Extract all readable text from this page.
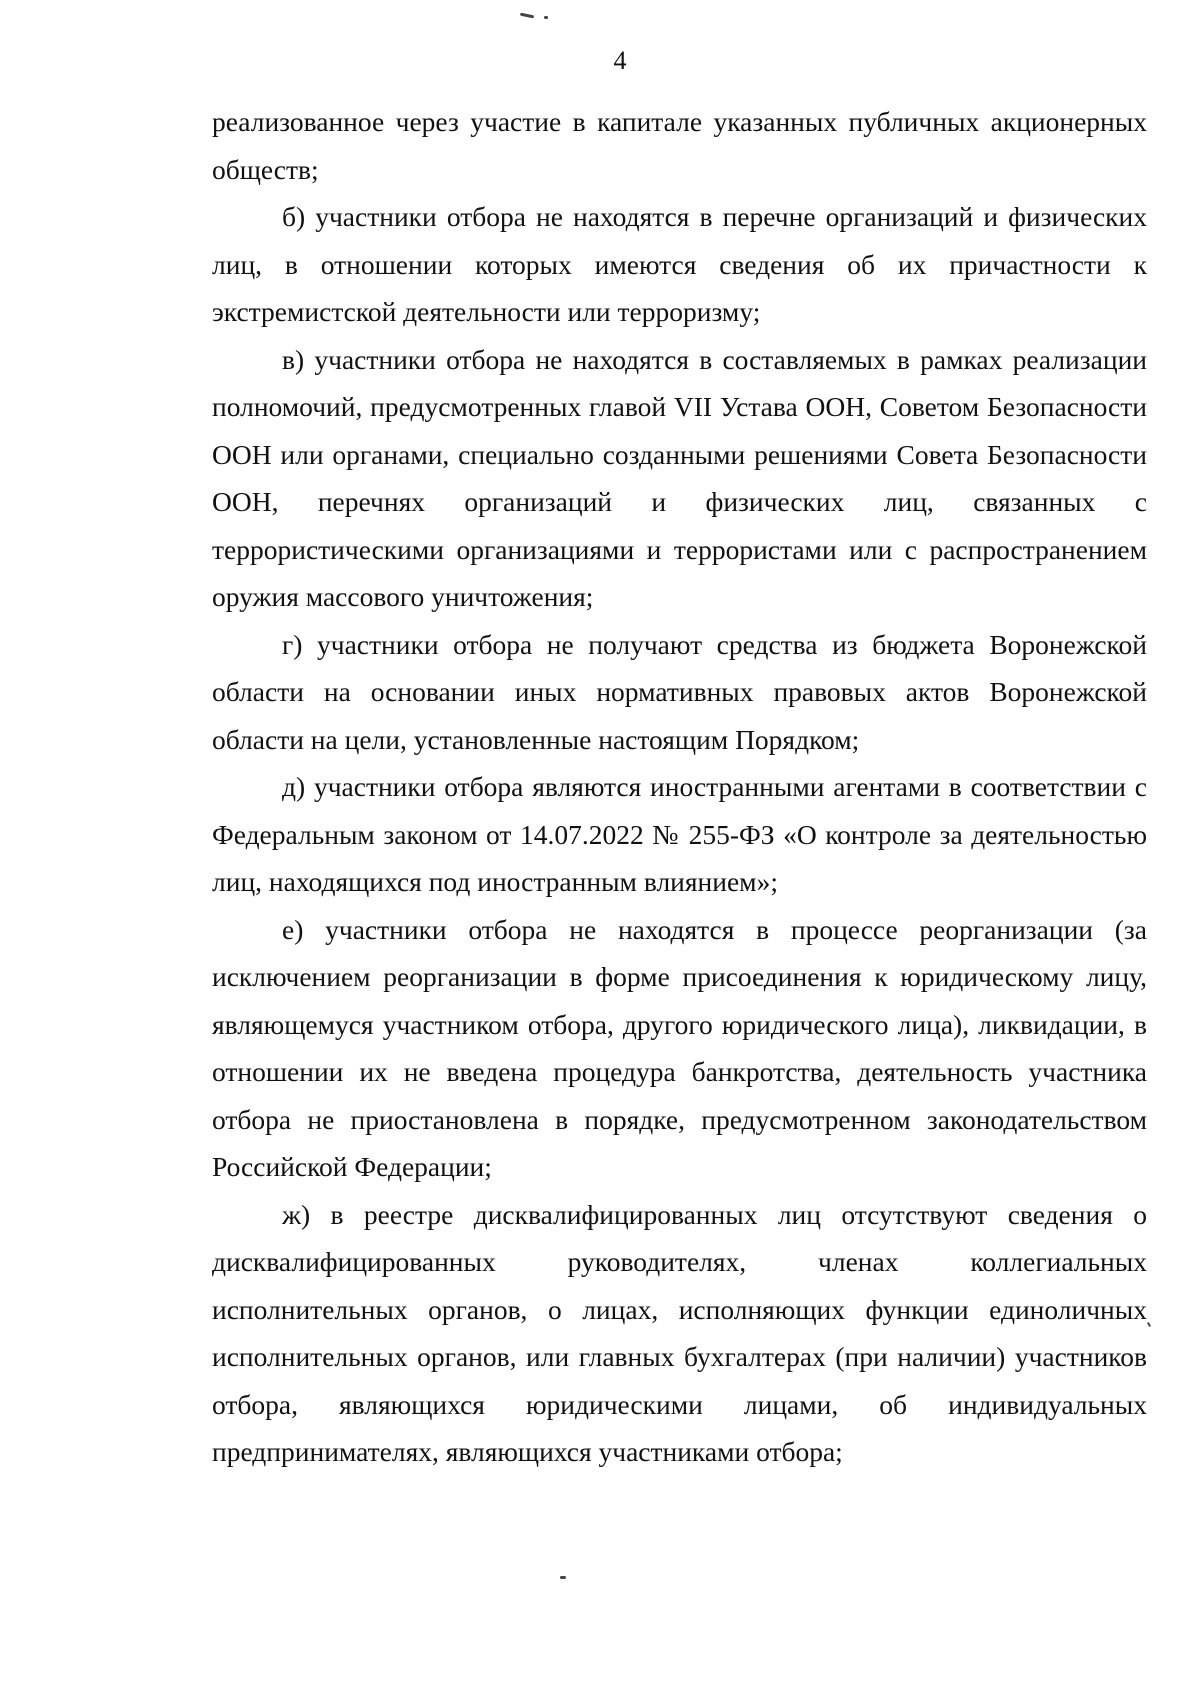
4

реализованное через участие в капитале указанных публичных акционерных обществ;

б) участники отбора не находятся в перечне организаций и физических лиц, в отношении которых имеются сведения об их причастности к экстремистской деятельности или терроризму;

в) участники отбора не находятся в составляемых в рамках реализации полномочий, предусмотренных главой VII Устава ООН, Советом Безопасности ООН или органами, специально созданными решениями Совета Безопасности ООН, перечнях организаций и физических лиц, связанных с террористическими организациями и террористами или с распространением оружия массового уничтожения;

г) участники отбора не получают средства из бюджета Воронежской области на основании иных нормативных правовых актов Воронежской области на цели, установленные настоящим Порядком;

д) участники отбора являются иностранными агентами в соответствии с Федеральным законом от 14.07.2022 № 255-ФЗ «О контроле за деятельностью лиц, находящихся под иностранным влиянием»;

е) участники отбора не находятся в процессе реорганизации (за исключением реорганизации в форме присоединения к юридическому лицу, являющемуся участником отбора, другого юридического лица), ликвидации, в отношении их не введена процедура банкротства, деятельность участника отбора не приостановлена в порядке, предусмотренном законодательством Российской Федерации;

ж) в реестре дисквалифицированных лиц отсутствуют сведения о дисквалифицированных руководителях, членах коллегиальных исполнительных органов, о лицах, исполняющих функции единоличных исполнительных органов, или главных бухгалтерах (при наличии) участников отбора, являющихся юридическими лицами, об индивидуальных предпринимателях, являющихся участниками отбора;
